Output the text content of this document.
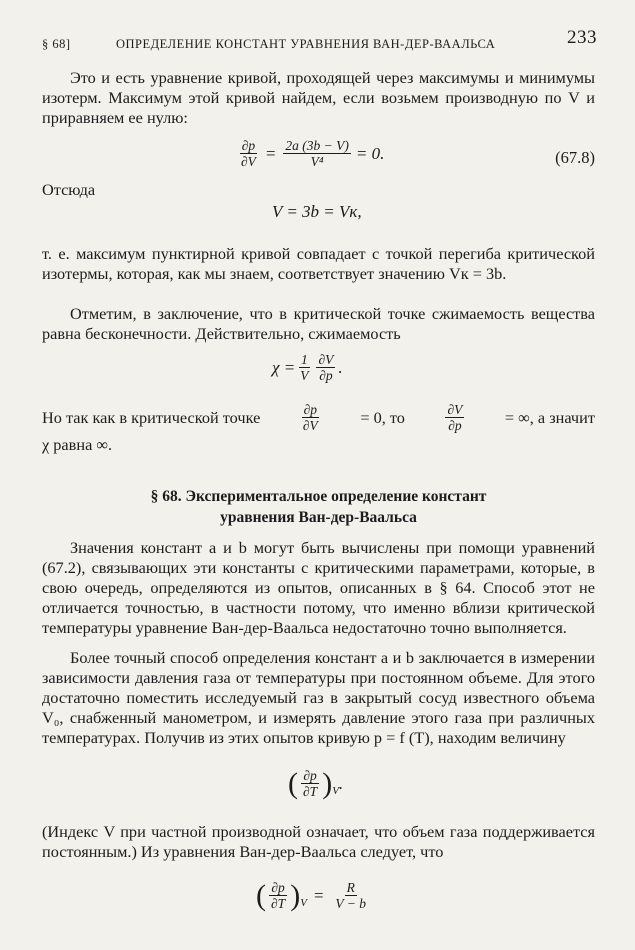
§ 68]	ОПРЕДЕЛЕНИЕ КОНСТАНТ УРАВНЕНИЯ ВАН-ДЕР-ВААЛЬСА	233

Это и есть уравнение кривой, проходящей через максимумы и минимумы изотерм. Максимум этой кривой найдем, если возьмем производную по V и приравняем ее нулю:

$\frac{\partial p}{\partial V} = \frac{2a (3b - V)}{\text{V⁴}} = 0$.	(67.8)

Отсюда

V = 3b = Vк,

т. е. максимум пунктирной кривой совпадает с точкой перегиба критической изотермы, которая, как мы знаем, соответствует значению Vк = 3b.

Отметим, в заключение, что в критической точке сжимаемость вещества равна бесконечности. Действительно, сжимаемость

$\chi = \frac{1}{V} \frac{\partial V}{\partial p}$ .
Но так как в критической точке	$\frac{\partial p}{\partial V} = 0$, то	$\frac{\partial V}{\partial p}$ = ∞, а значит

χ равна ∞.

§ 68. Экспериментальное определение констант
уравнения Ван-дер-Ваальса

Значения констант a и b могут быть вычислены при помощи уравнений (67.2), связывающих эти константы с критическими параметрами, которые, в свою очередь, определяются из опытов, описанных в § 64. Способ этот не отличается точностью, в частности потому, что именно вблизи критической температуры уравнение Ван-дер-Ваальса недостаточно точно выполняется.

Более точный способ определения констант a и b заключается в измерении зависимости давления газа от температуры при постоянном объеме. Для этого достаточно поместить исследуемый газ в закрытый сосуд известного объема V₀, снабженный манометром, и измерять давление этого газа при различных температурах. Получив из этих опытов кривую p = f (T), находим величину

( $\frac{\partial p}{\partial T}$ ) V .

(Индекс V при частной производной означает, что объем газа поддерживается постоянным.) Из уравнения Ван-дер-Ваальса следует, что

( $\frac{\partial p}{\partial T}$ ) $V = \frac{R}{V - b}$
